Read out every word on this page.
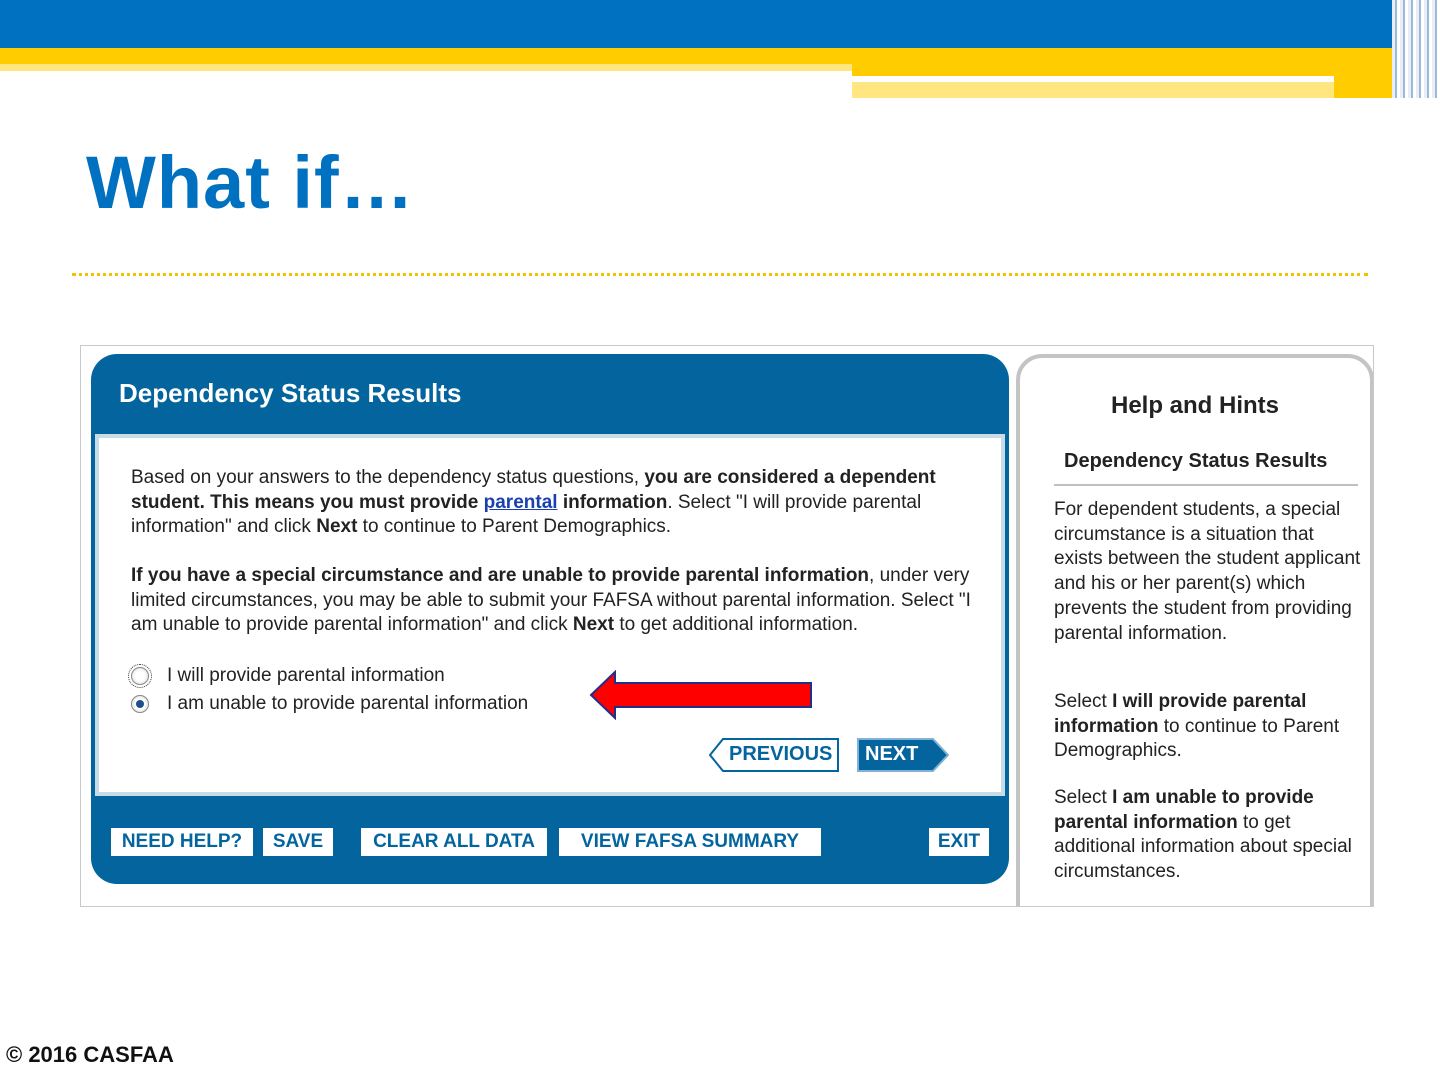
What if…
Dependency Status Results

Based on your answers to the dependency status questions, you are considered a dependent student. This means you must provide parental information. Select "I will provide parental information" and click Next to continue to Parent Demographics.

If you have a special circumstance and are unable to provide parental information, under very limited circumstances, you may be able to submit your FAFSA without parental information. Select "I am unable to provide parental information" and click Next to get additional information.

I will provide parental information
I am unable to provide parental information
PREVIOUS NEXT
NEED HELP?	SAVE	CLEAR ALL DATA	VIEW FAFSA SUMMARY	EXIT
Help and Hints
Dependency Status Results

For dependent students, a special circumstance is a situation that exists between the student applicant and his or her parent(s) which prevents the student from providing parental information.

Select I will provide parental information to continue to Parent Demographics.

Select I am unable to provide parental information to get additional information about special circumstances.

© 2016 CASFAA
